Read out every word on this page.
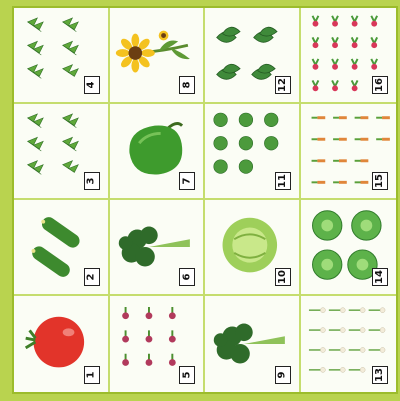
4	8	12	16
3	7	11	15
2	6	10	14
1	5	9	13
